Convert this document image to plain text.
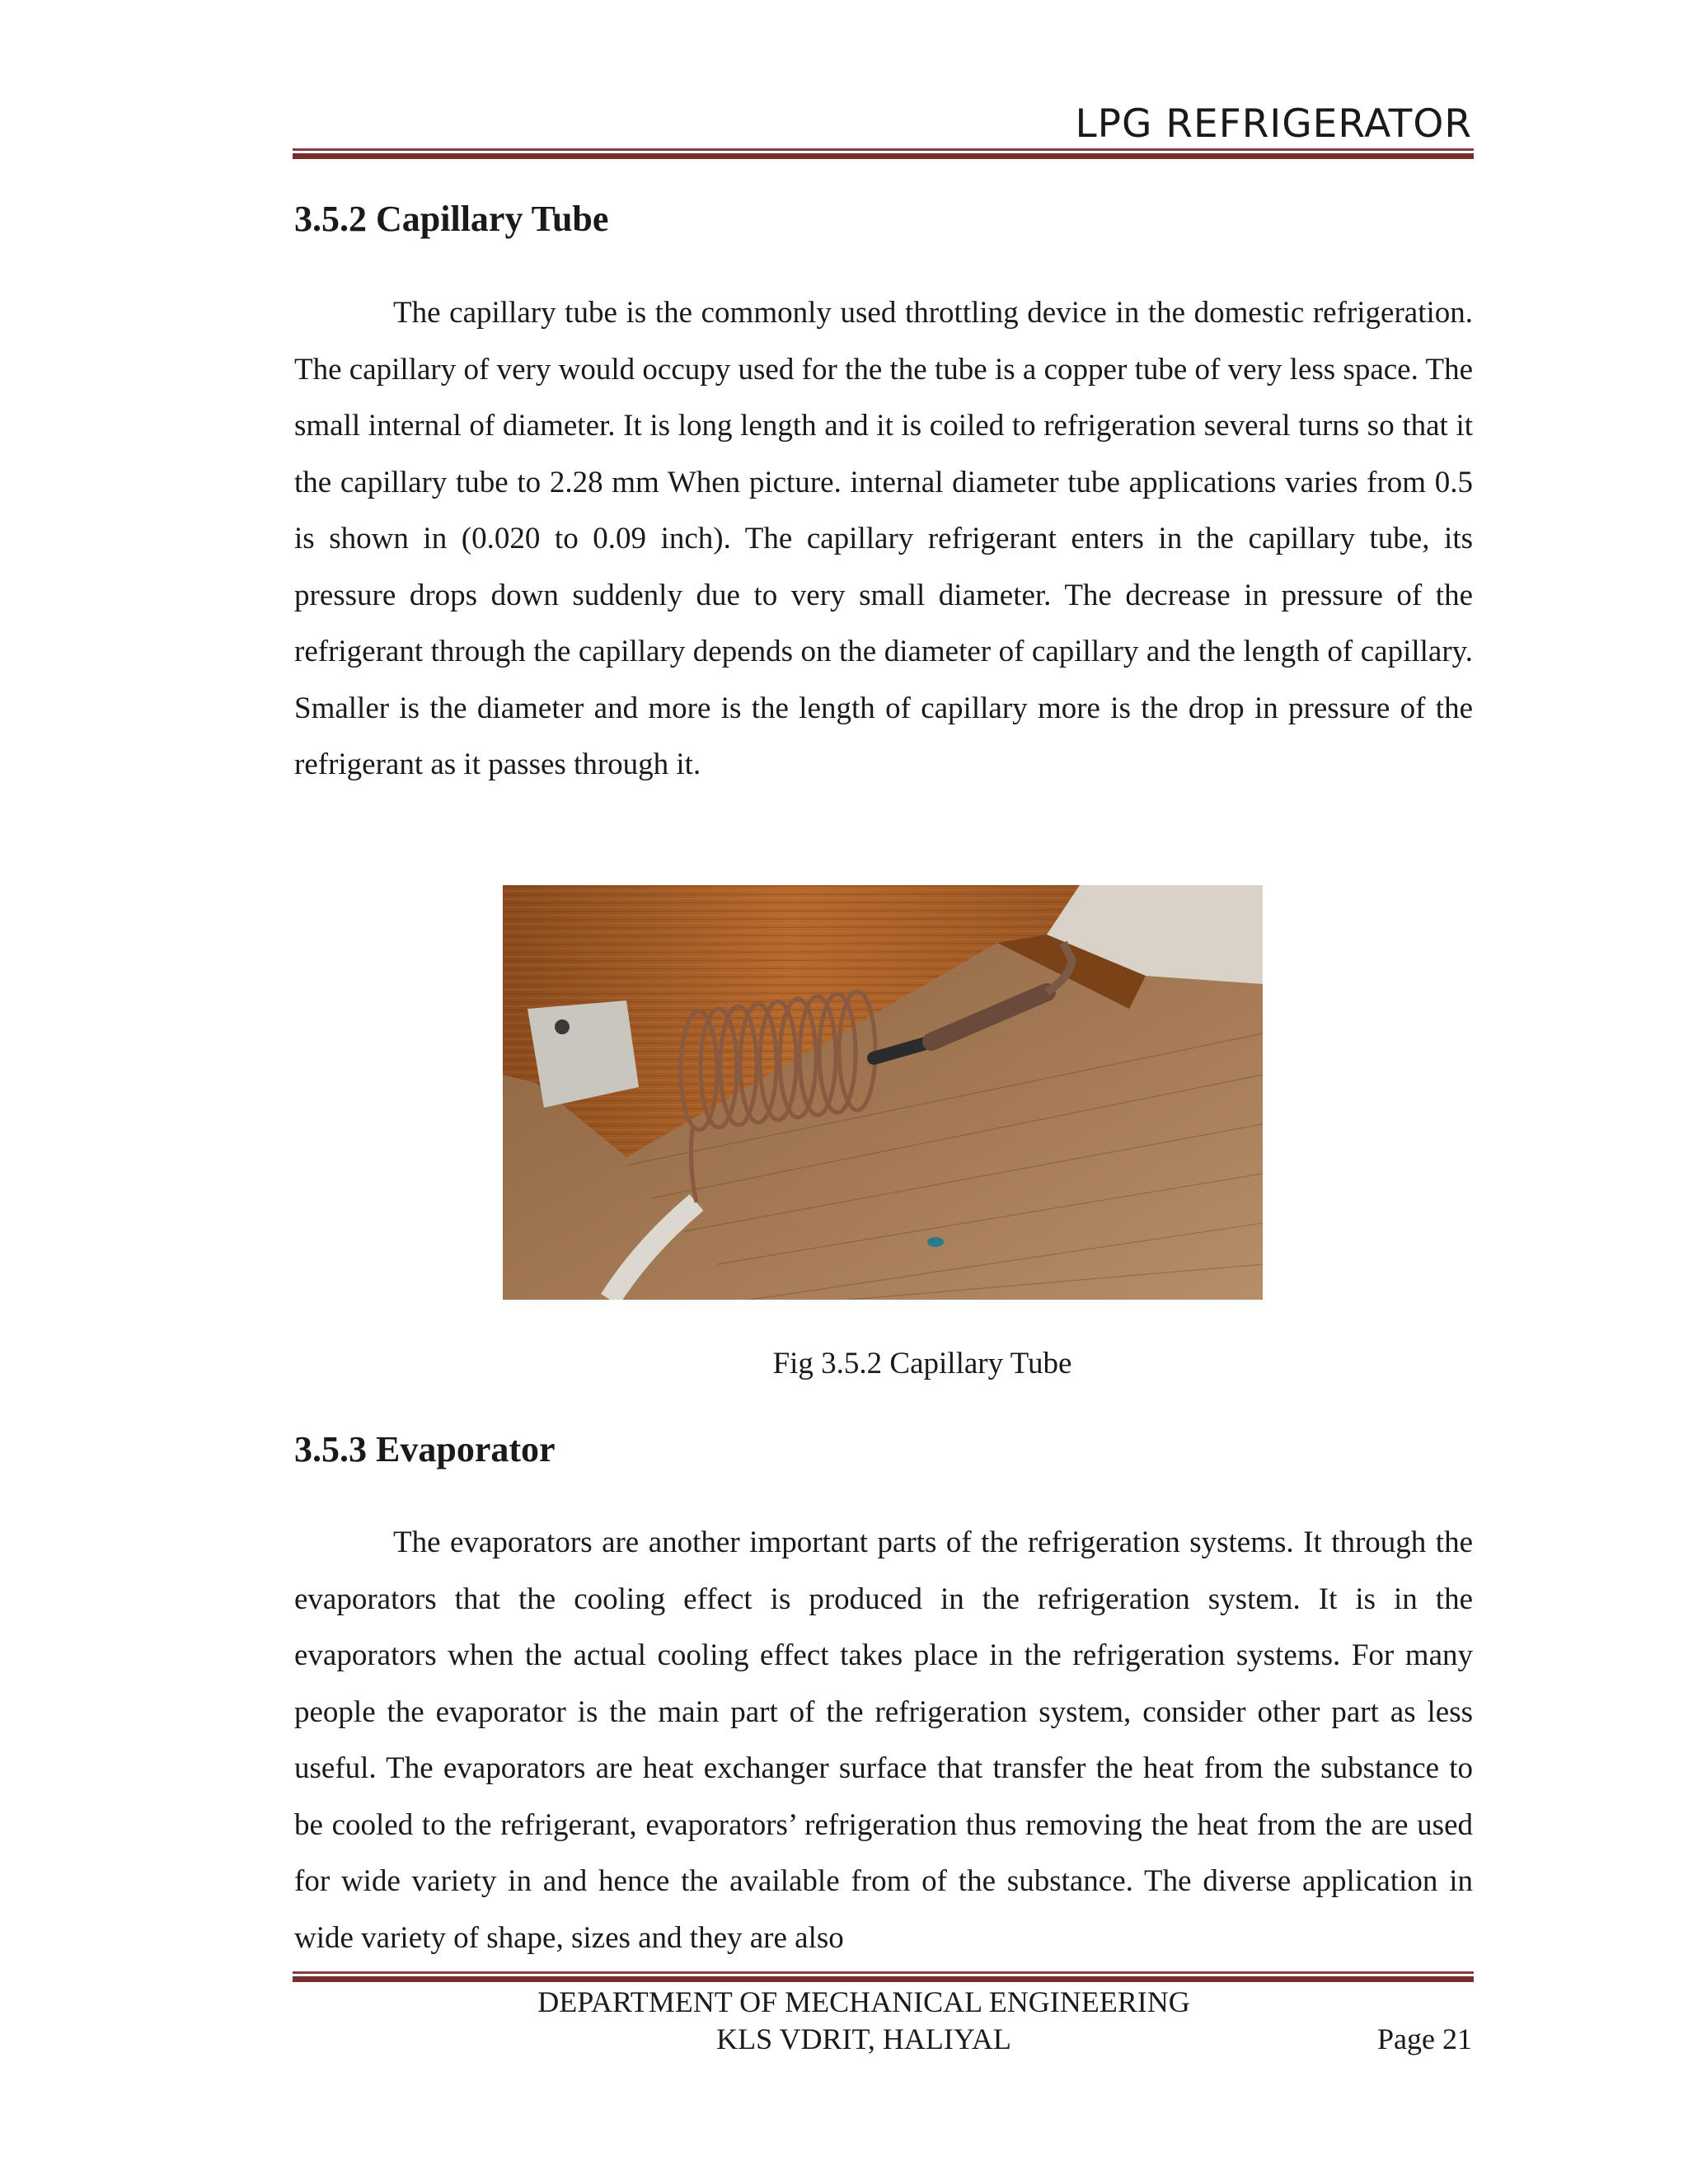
LPG REFRIGERATOR
3.5.2 Capillary Tube

The capillary tube is the commonly used throttling device in the domestic refrigeration. The capillary of very would occupy used for the the tube is a copper tube of very less space. The small internal of diameter. It is long length and it is coiled to refrigeration several turns so that it the capillary tube to 2.28 mm When picture. internal diameter tube applications varies from 0.5 is shown in (0.020 to 0.09 inch). The capillary refrigerant enters in the capillary tube, its pressure drops down suddenly due to very small diameter. The decrease in pressure of the refrigerant through the capillary depends on the diameter of capillary and the length of capillary. Smaller is the diameter and more is the length of capillary more is the drop in pressure of the refrigerant as it passes through it.

Fig 3.5.2 Capillary Tube
3.5.3 Evaporator

The evaporators are another important parts of the refrigeration systems. It through the evaporators that the cooling effect is produced in the refrigeration system. It is in the evaporators when the actual cooling effect takes place in the refrigeration systems. For many people the evaporator is the main part of the refrigeration system, consider other part as less useful. The evaporators are heat exchanger surface that transfer the heat from the substance to be cooled to the refrigerant, evaporators’ refrigeration thus removing the heat from the are used for wide variety in and hence the available from of the substance. The diverse application in wide variety of shape, sizes and they are also

DEPARTMENT OF MECHANICAL ENGINEERING
KLS VDRIT, HALIYAL	Page 21
